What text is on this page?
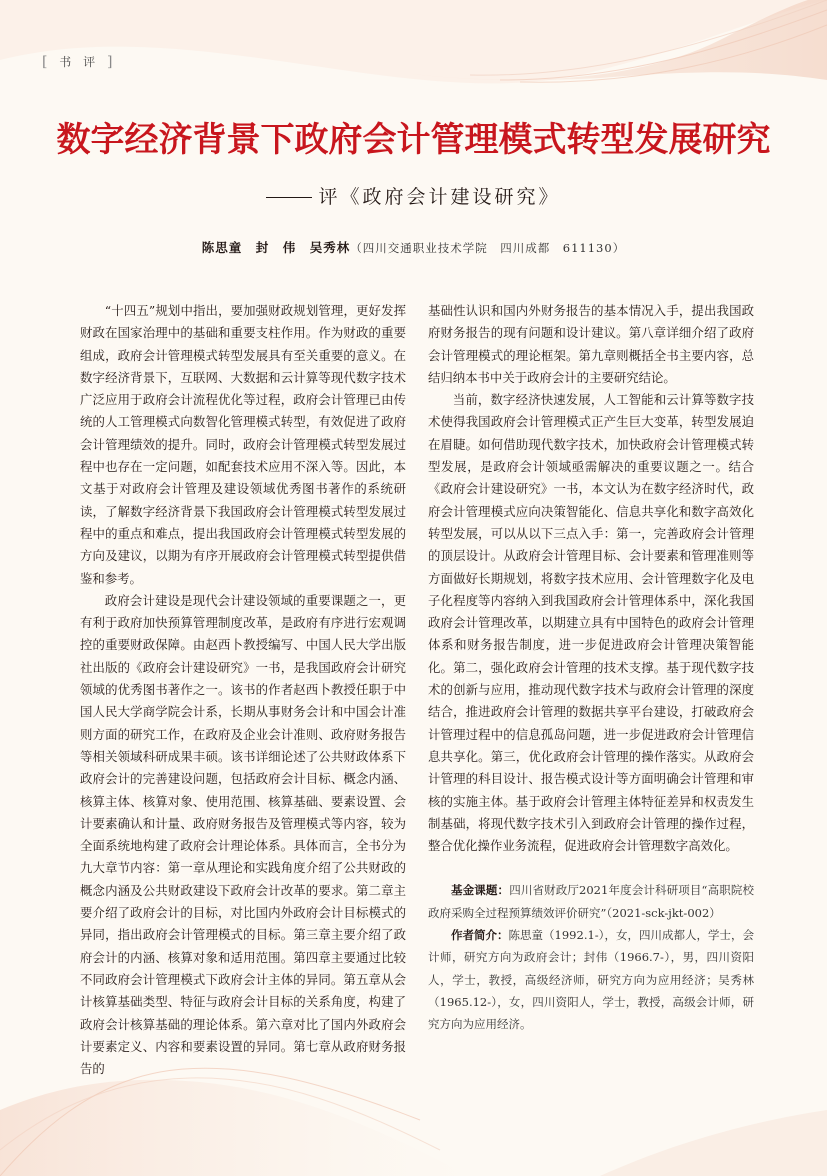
[ 书 评 ]
数字经济背景下政府会计管理模式转型发展研究
评《政府会计建设研究》
陈思童　封　伟　吴秀林（四川交通职业技术学院　四川成都　611130）

“十四五”规划中指出，要加强财政规划管理，更好发挥财政在国家治理中的基础和重要支柱作用。作为财政的重要组成，政府会计管理模式转型发展具有至关重要的意义。在数字经济背景下，互联网、大数据和云计算等现代数字技术广泛应用于政府会计流程优化等过程，政府会计管理已由传统的人工管理模式向数智化管理模式转型，有效促进了政府会计管理绩效的提升。同时，政府会计管理模式转型发展过程中也存在一定问题，如配套技术应用不深入等。因此，本文基于对政府会计管理及建设领域优秀图书著作的系统研读，了解数字经济背景下我国政府会计管理模式转型发展过程中的重点和难点，提出我国政府会计管理模式转型发展的方向及建议，以期为有序开展政府会计管理模式转型提供借鉴和参考。

政府会计建设是现代会计建设领域的重要课题之一，更有利于政府加快预算管理制度改革，是政府有序进行宏观调控的重要财政保障。由赵西卜教授编写、中国人民大学出版社出版的《政府会计建设研究》一书，是我国政府会计研究领域的优秀图书著作之一。该书的作者赵西卜教授任职于中国人民大学商学院会计系，长期从事财务会计和中国会计准则方面的研究工作，在政府及企业会计准则、政府财务报告等相关领域科研成果丰硕。该书详细论述了公共财政体系下政府会计的完善建设问题，包括政府会计目标、概念内涵、核算主体、核算对象、使用范围、核算基础、要素设置、会计要素确认和计量、政府财务报告及管理模式等内容，较为全面系统地构建了政府会计理论体系。具体而言，全书分为九大章节内容：第一章从理论和实践角度介绍了公共财政的概念内涵及公共财政建设下政府会计改革的要求。第二章主要介绍了政府会计的目标，对比国内外政府会计目标模式的异同，指出政府会计管理模式的目标。第三章主要介绍了政府会计的内涵、核算对象和适用范围。第四章主要通过比较不同政府会计管理模式下政府会计主体的异同。第五章从会计核算基础类型、特征与政府会计目标的关系角度，构建了政府会计核算基础的理论体系。第六章对比了国内外政府会计要素定义、内容和要素设置的异同。第七章从政府财务报告的

基础性认识和国内外财务报告的基本情况入手，提出我国政府财务报告的现有问题和设计建议。第八章详细介绍了政府会计管理模式的理论框架。第九章则概括全书主要内容，总结归纳本书中关于政府会计的主要研究结论。

当前，数字经济快速发展，人工智能和云计算等数字技术使得我国政府会计管理模式正产生巨大变革，转型发展迫在眉睫。如何借助现代数字技术，加快政府会计管理模式转型发展，是政府会计领域亟需解决的重要议题之一。结合《政府会计建设研究》一书，本文认为在数字经济时代，政府会计管理模式应向决策智能化、信息共享化和数字高效化转型发展，可以从以下三点入手：第一，完善政府会计管理的顶层设计。从政府会计管理目标、会计要素和管理准则等方面做好长期规划，将数字技术应用、会计管理数字化及电子化程度等内容纳入到我国政府会计管理体系中，深化我国政府会计管理改革，以期建立具有中国特色的政府会计管理体系和财务报告制度，进一步促进政府会计管理决策智能化。第二，强化政府会计管理的技术支撑。基于现代数字技术的创新与应用，推动现代数字技术与政府会计管理的深度结合，推进政府会计管理的数据共享平台建设，打破政府会计管理过程中的信息孤岛问题，进一步促进政府会计管理信息共享化。第三，优化政府会计管理的操作落实。从政府会计管理的科目设计、报告模式设计等方面明确会计管理和审核的实施主体。基于政府会计管理主体特征差异和权责发生制基础，将现代数字技术引入到政府会计管理的操作过程，整合优化操作业务流程，促进政府会计管理数字高效化。

基金课题：四川省财政厅2021年度会计科研项目“高职院校政府采购全过程预算绩效评价研究”（2021-sck-jkt-002）

作者简介：陈思童（1992.1-），女，四川成都人，学士，会计师，研究方向为政府会计；封伟（1966.7-），男，四川资阳人，学士，教授，高级经济师，研究方向为应用经济；吴秀林（1965.12-），女，四川资阳人，学士，教授，高级会计师，研究方向为应用经济。
